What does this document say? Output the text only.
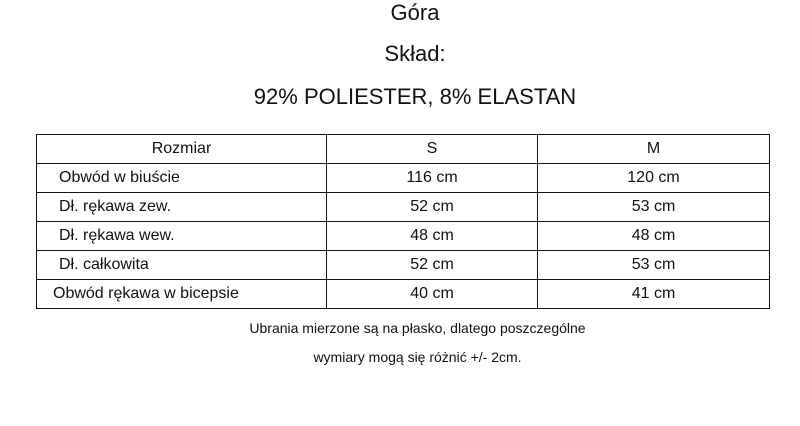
Góra
Skład:
92% POLIESTER, 8% ELASTAN
Rozmiar	S	M
Obwód w biuście	116 cm	120 cm
Dł. rękawa zew.	52 cm	53 cm
Dł. rękawa wew.	48 cm	48 cm
Dł. całkowita	52 cm	53 cm
Obwód rękawa w bicepsie	40 cm	41 cm
Ubrania mierzone są na płasko, dlatego poszczególne
wymiary mogą się różnić +/- 2cm.
